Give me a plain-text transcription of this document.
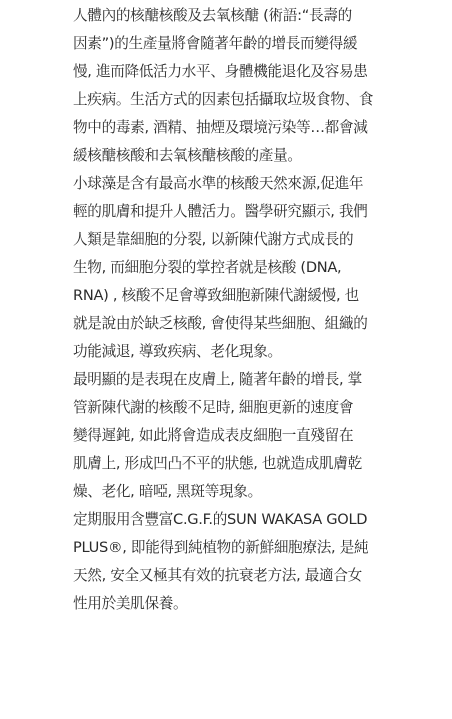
人體內的核醣核酸及去氧核醣 (術語:“長壽的
因素”)的生產量將會隨著年齡的增長而變得緩
慢, 進而降低活力水平、身體機能退化及容易患
上疾病。生活方式的因素包括攝取垃圾食物、食
物中的毒素, 酒精、抽煙及環境污染等…都會減
緩核醣核酸和去氧核醣核酸的產量。

小球藻是含有最高水準的核酸天然來源,促進年
輕的肌膚和提升人體活力。醫學研究顯示, 我們
人類是靠細胞的分裂, 以新陳代謝方式成長的
生物, 而細胞分裂的掌控者就是核酸 (DNA,
RNA) , 核酸不足會導致細胞新陳代謝緩慢, 也
就是說由於缺乏核酸, 會使得某些細胞、組織的
功能減退, 導致疾病、老化現象。

最明顯的是表現在皮膚上, 隨著年齡的增長, 掌
管新陳代謝的核酸不足時, 細胞更新的速度會
變得遲鈍, 如此將會造成表皮細胞一直殘留在
肌膚上, 形成凹凸不平的狀態, 也就造成肌膚乾
燥、老化, 暗啞, 黑斑等現象。

定期服用含豐富C.G.F.的SUN WAKASA GOLD
PLUS®, 即能得到純植物的新鮮細胞療法, 是純
天然, 安全又極其有效的抗衰老方法, 最適合女
性用於美肌保養。
